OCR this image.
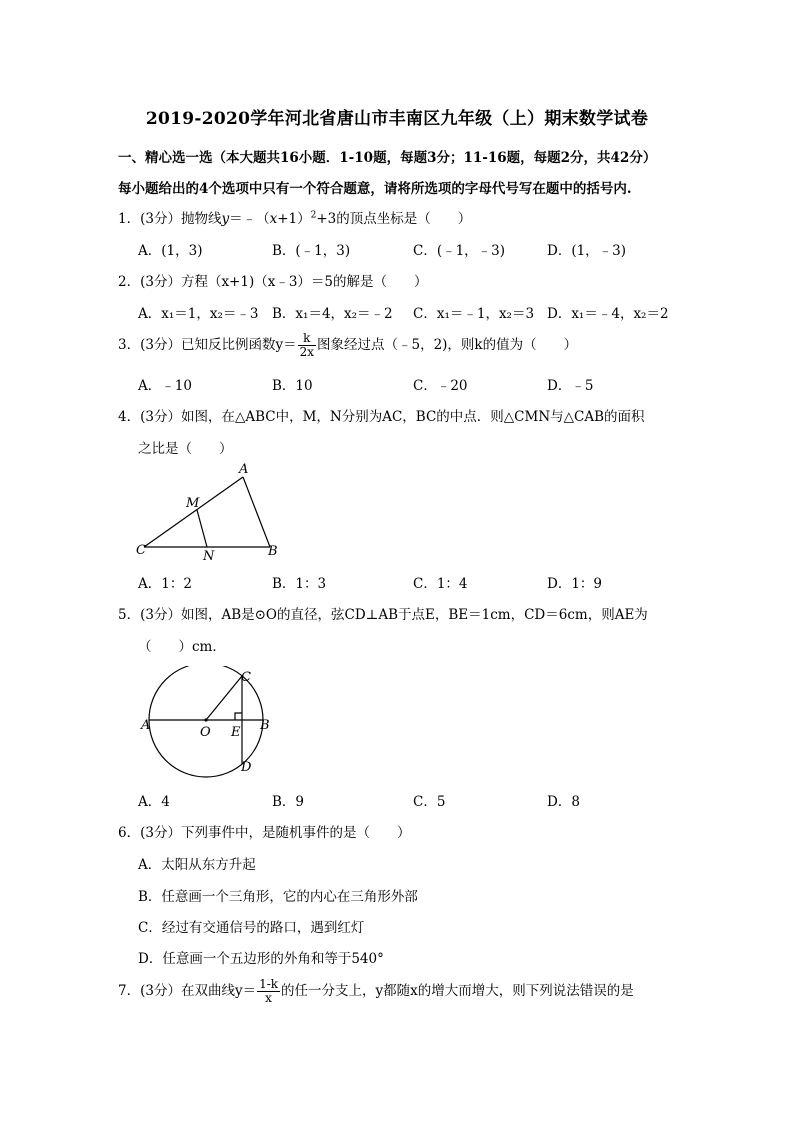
2019-2020学年河北省唐山市丰南区九年级（上）期末数学试卷
一、精心选一选（本大题共16小题．1-10题，每题3分；11-16题，每题2分，共42分）
每小题给出的4个选项中只有一个符合题意，请将所选项的字母代号写在题中的括号内.
1．(3分）抛物线$y=﹣(x+1)^2+3$的顶点坐标是（　　）
A．(1，3)	B．(﹣1，3)	C．(﹣1，﹣3)	D．(1，﹣3)
2．(3分）方程（x+1)（x﹣3）＝5的解是（　　）
A．x₁＝1，x₂＝﹣3 B．x₁＝4，x₂＝﹣2 C．x₁＝﹣1，x₂＝3 D．x₁＝﹣4，x₂＝2
3．(3分）已知反比例函数$y= \frac{k}{2x}$ 图象经过点（﹣5，2)，则k的值为（　　）
A．﹣10	B．10	C．﹣20	D．﹣5
4．(3分）如图，在△ABC中，M，N分别为AC，BC的中点．则△CMN与△CAB的面积
之比是（　　）
A
M
C	N	B
A．1：2	B．1：3	C．1：4	D．1：9
5．(3分）如图，AB是⊙O的直径，弦CD⊥AB于点E，BE＝1cm，CD＝6cm，则AE为
（　　）cm．
A	O E B
C
D
A．4	B．9	C．5	D．8
6．(3分）下列事件中，是随机事件的是（　　）
A．太阳从东方升起
B．任意画一个三角形，它的内心在三角形外部
C．经过有交通信号的路口，遇到红灯
D．任意画一个五边形的外角和等于540°
7．(3分）在双曲线$y= \frac{1-k}{x}$ 的任一分支上，y都随x的增大而增大，则下列说法错误的是
